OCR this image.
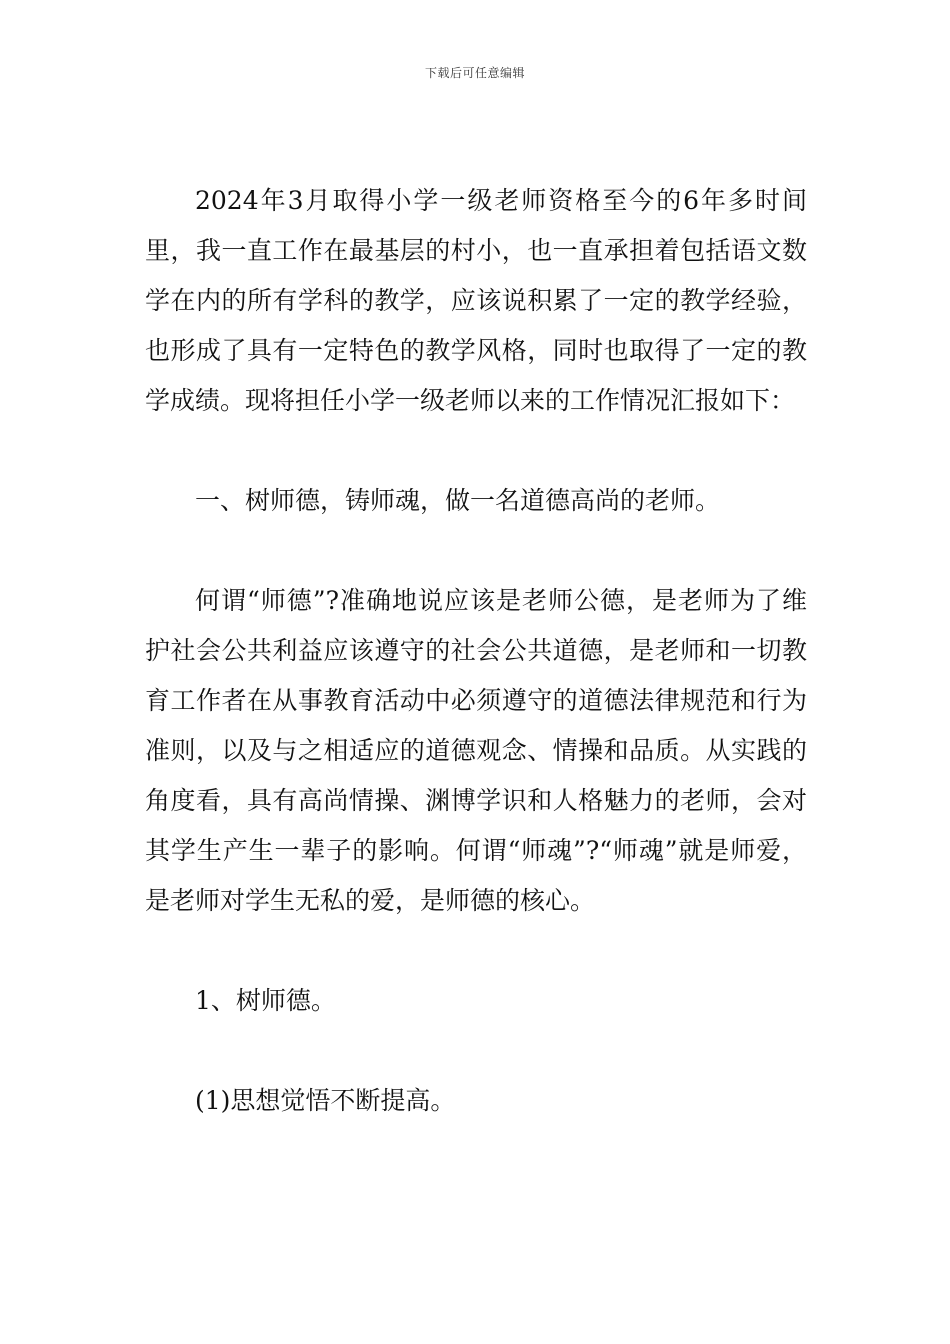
下载后可任意编辑

2024年3月取得小学一级老师资格至今的6年多时间里，我一直工作在最基层的村小，也一直承担着包括语文数学在内的所有学科的教学，应该说积累了一定的教学经验，也形成了具有一定特色的教学风格，同时也取得了一定的教学成绩。现将担任小学一级老师以来的工作情况汇报如下：

一、树师德，铸师魂，做一名道德高尚的老师。

何谓“师德”?准确地说应该是老师公德，是老师为了维护社会公共利益应该遵守的社会公共道德，是老师和一切教育工作者在从事教育活动中必须遵守的道德法律规范和行为准则，以及与之相适应的道德观念、情操和品质。从实践的角度看，具有高尚情操、渊博学识和人格魅力的老师，会对其学生产生一辈子的影响。何谓“师魂”?“师魂”就是师爱，是老师对学生无私的爱，是师德的核心。

1、树师德。

(1)思想觉悟不断提高。
